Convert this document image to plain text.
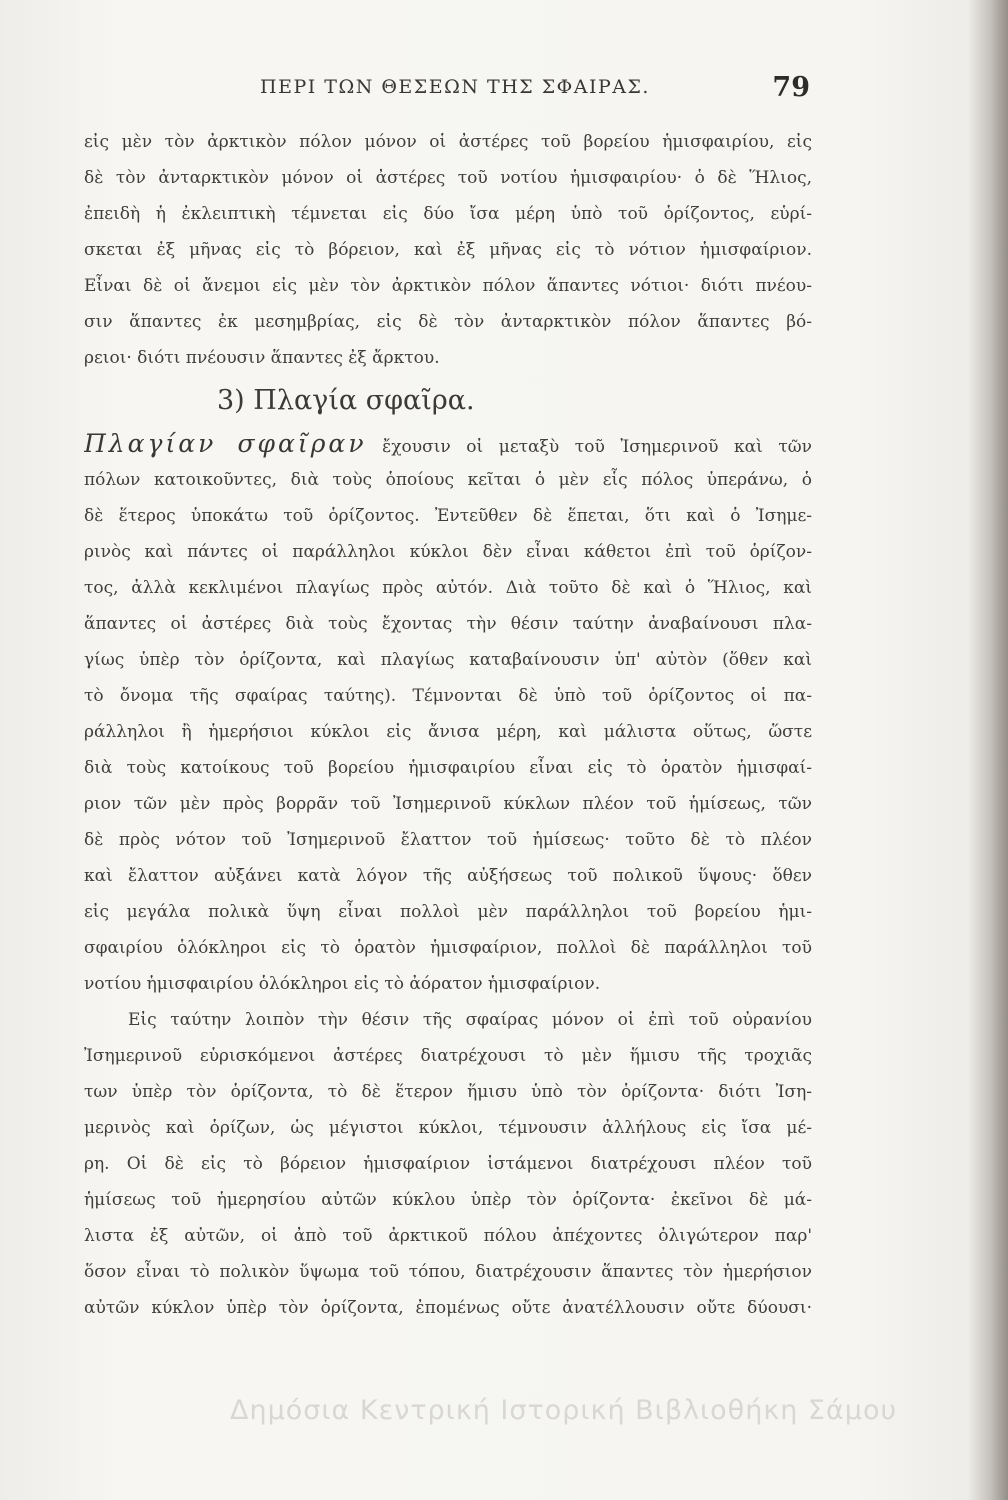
ΠΕΡΙ ΤΩΝ ΘΕΣΕΩΝ ΤΗΣ ΣΦΑΙΡΑΣ.	79
εἰς μὲν τὸν ἀρκτικὸν πόλον μόνον οἱ ἀστέρες τοῦ βορείου ἡμισφαιρίου, εἰς
δὲ τὸν ἀνταρκτικὸν μόνον οἱ ἀστέρες τοῦ νοτίου ἡμισφαιρίου· ὁ δὲ Ἥλιος,
ἐπειδὴ ἡ ἐκλειπτικὴ τέμνεται εἰς δύο ἴσα μέρη ὑπὸ τοῦ ὁρίζοντος, εὑρί-
σκεται ἐξ μῆνας εἰς τὸ βόρειον, καὶ ἐξ μῆνας εἰς τὸ νότιον ἡμισφαίριον.
Εἶναι δὲ οἱ ἄνεμοι εἰς μὲν τὸν ἀρκτικὸν πόλον ἅπαντες νότιοι· διότι πνέου-
σιν ἅπαντες ἐκ μεσημβρίας, εἰς δὲ τὸν ἀνταρκτικὸν πόλον ἅπαντες βό-
ρειοι· διότι πνέουσιν ἅπαντες ἐξ ἄρκτου.
3) Πλαγία σφαῖρα.
Πλαγίαν σφαῖραν ἔχουσιν οἱ μεταξὺ τοῦ Ἰσημερινοῦ καὶ τῶν
πόλων κατοικοῦντες, διὰ τοὺς ὁποίους κεῖται ὁ μὲν εἷς πόλος ὑπεράνω, ὁ
δὲ ἕτερος ὑποκάτω τοῦ ὁρίζοντος. Ἐντεῦθεν δὲ ἕπεται, ὅτι καὶ ὁ Ἰσημε-
ρινὸς καὶ πάντες οἱ παράλληλοι κύκλοι δὲν εἶναι κάθετοι ἐπὶ τοῦ ὁρίζον-
τος, ἀλλὰ κεκλιμένοι πλαγίως πρὸς αὐτόν. Διὰ τοῦτο δὲ καὶ ὁ Ἥλιος, καὶ
ἅπαντες οἱ ἀστέρες διὰ τοὺς ἔχοντας τὴν θέσιν ταύτην ἀναβαίνουσι πλα-
γίως ὑπὲρ τὸν ὁρίζοντα, καὶ πλαγίως καταβαίνουσιν ὑπ' αὐτὸν (ὅθεν καὶ
τὸ ὄνομα τῆς σφαίρας ταύτης). Τέμνονται δὲ ὑπὸ τοῦ ὁρίζοντος οἱ πα-
ράλληλοι ἢ ἡμερήσιοι κύκλοι εἰς ἄνισα μέρη, καὶ μάλιστα οὕτως, ὥστε
διὰ τοὺς κατοίκους τοῦ βορείου ἡμισφαιρίου εἶναι εἰς τὸ ὁρατὸν ἡμισφαί-
ριον τῶν μὲν πρὸς βορρᾶν τοῦ Ἰσημερινοῦ κύκλων πλέον τοῦ ἡμίσεως, τῶν
δὲ πρὸς νότον τοῦ Ἰσημερινοῦ ἔλαττον τοῦ ἡμίσεως· τοῦτο δὲ τὸ πλέον
καὶ ἔλαττον αὐξάνει κατὰ λόγον τῆς αὐξήσεως τοῦ πολικοῦ ὕψους· ὅθεν
εἰς μεγάλα πολικὰ ὕψη εἶναι πολλοὶ μὲν παράλληλοι τοῦ βορείου ἡμι-
σφαιρίου ὁλόκληροι εἰς τὸ ὁρατὸν ἡμισφαίριον, πολλοὶ δὲ παράλληλοι τοῦ
νοτίου ἡμισφαιρίου ὁλόκληροι εἰς τὸ ἀόρατον ἡμισφαίριον.
Εἰς ταύτην λοιπὸν τὴν θέσιν τῆς σφαίρας μόνον οἱ ἐπὶ τοῦ οὐρανίου
Ἰσημερινοῦ εὑρισκόμενοι ἀστέρες διατρέχουσι τὸ μὲν ἥμισυ τῆς τροχιᾶς
των ὑπὲρ τὸν ὁρίζοντα, τὸ δὲ ἕτερον ἥμισυ ὑπὸ τὸν ὁρίζοντα· διότι Ἰση-
μερινὸς καὶ ὁρίζων, ὡς μέγιστοι κύκλοι, τέμνουσιν ἀλλήλους εἰς ἴσα μέ-
ρη. Οἱ δὲ εἰς τὸ βόρειον ἡμισφαίριον ἱστάμενοι διατρέχουσι πλέον τοῦ
ἡμίσεως τοῦ ἡμερησίου αὐτῶν κύκλου ὑπὲρ τὸν ὁρίζοντα· ἐκεῖνοι δὲ μά-
λιστα ἐξ αὐτῶν, οἱ ἀπὸ τοῦ ἀρκτικοῦ πόλου ἀπέχοντες ὀλιγώτερον παρ'
ὅσον εἶναι τὸ πολικὸν ὕψωμα τοῦ τόπου, διατρέχουσιν ἅπαντες τὸν ἡμερήσιον
αὐτῶν κύκλον ὑπὲρ τὸν ὁρίζοντα, ἐπομένως οὔτε ἀνατέλλουσιν οὔτε δύουσι·
Δημόσια Κεντρική Ιστορική Βιβλιοθήκη Σάμου
